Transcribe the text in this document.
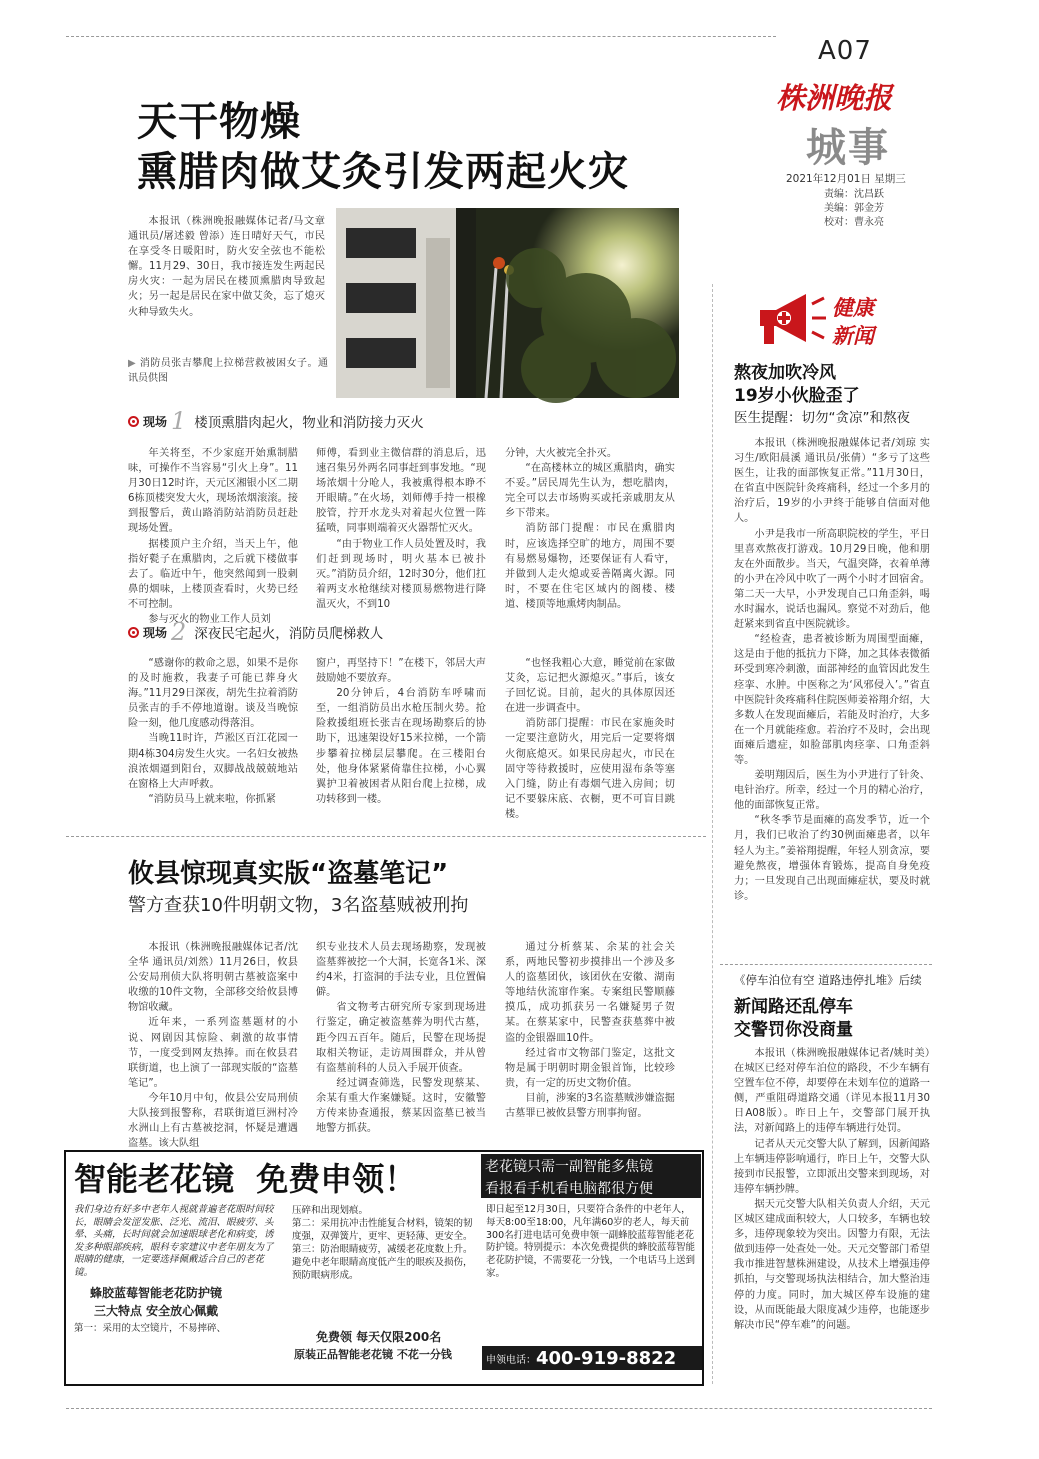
A07
株洲晚报
城事
2021年12月01日 星期三
责编：沈昌跃
美编：郭金芳
校对：曹永亮
天干物燥
熏腊肉做艾灸引发两起火灾

本报讯（株洲晚报融媒体记者/马文章 通讯员/屠述毅 曾添）连日晴好天气，市民在享受冬日暖阳时，防火安全弦也不能松懈。11月29、30日，我市接连发生两起民房火灾：一起为居民在楼顶熏腊肉导致起火；另一起是居民在家中做艾灸，忘了熄灭火种导致失火。

▶ 消防员张吉攀爬上拉梯营救被困女子。通讯员供图
现场 1 楼顶熏腊肉起火，物业和消防接力灭火

年关将至，不少家庭开始熏制腊味，可操作不当容易“引火上身”。11月30日12时许，天元区湘银小区二期6栋顶楼突发大火，现场浓烟滚滚。接到报警后，黄山路消防站消防员赶赴现场处置。

据楼顶户主介绍，当天上午，他指好甏子在熏腊肉，之后就下楼做事去了。临近中午，他突然闻到一股刺鼻的烟味，上楼顶查看时，火势已经不可控制。

参与灭火的物业工作人员刘

师傅，看到业主微信群的消息后，迅速召集另外两名同事赶到事发地。“现场浓烟十分呛人，我被熏得根本睁不开眼睛。”在火场，刘师傅手持一根橡胶管，拧开水龙头对着起火位置一阵猛喷，同事则端着灭火器帮忙灭火。

“由于物业工作人员处置及时，我们赶到现场时，明火基本已被扑灭。”消防员介绍，12时30分，他们扛着两支水枪继续对楼顶易燃物进行降温灭火，不到10

分钟，大火被完全扑灭。

“在高楼林立的城区熏腊肉，确实不妥。”居民周先生认为，想吃腊肉，完全可以去市场购买或托亲戚朋友从乡下带来。

消防部门提醒：市民在熏腊肉时，应该选择空旷的地方，周围不要有易燃易爆物，还要保证有人看守，并做到人走火熄或妥善隔离火源。同时，不要在住宅区域内的阁楼、楼道、楼顶等地熏烤肉制品。

现场 2 深夜民宅起火，消防员爬梯救人

“感谢你的救命之恩，如果不是你的及时施救，我妻子可能已葬身火海。”11月29日深夜，胡先生拉着消防员张吉的手不停地道谢。谈及当晚惊险一刻，他几度感动得落泪。

当晚11时许，芦淞区百江花园一期4栋304房发生火灾。一名妇女被热浪浓烟逼到阳台，双脚战战兢兢地站在窗格上大声呼救。

“消防员马上就来啦，你抓紧

窗户，再坚持下！”在楼下，邻居大声鼓励她不要放弃。

20分钟后，4台消防车呼啸而至，一组消防员出水枪压制火势。抢险救援组班长张吉在现场勘察后的协助下，迅速架设好15米拉梯，一个箭步攀着拉梯层层攀爬。在三楼阳台处，他身体紧紧倚靠住拉梯，小心翼翼护卫着被困者从阳台爬上拉梯，成功转移到一楼。

“也怪我粗心大意，睡觉前在家做艾灸，忘记把火源熄灭。”事后，该女子回忆说。目前，起火的具体原因还在进一步调查中。

消防部门提醒：市民在家施灸时一定要注意防火，用完后一定要将烟火彻底熄灭。如果民房起火，市民在固守等待救援时，应使用湿布条等塞入门缝，防止有毒烟气进入房间；切记不要躲床底、衣橱，更不可盲目跳楼。

攸县惊现真实版“盗墓笔记”
警方查获10件明朝文物，3名盗墓贼被刑拘

本报讯（株洲晚报融媒体记者/沈全华 通讯员/刘然）11月26日，攸县公安局刑侦大队将明朝古墓被盗案中收缴的10件文物，全部移交给攸县博物馆收藏。

近年来，一系列盗墓题材的小说、网剧因其惊险、刺激的故事情节，一度受到网友热捧。而在攸县君联街道，也上演了一部现实版的“盗墓笔记”。

今年10月中旬，攸县公安局刑侦大队接到报警称，君联街道巨洲村冷水洲山上有古墓被挖洞，怀疑是遭遇盗墓。该大队组

织专业技术人员去现场勘察，发现被盗墓葬被挖一个大洞，长宽各1米、深约4米，打盗洞的手法专业，且位置偏僻。

省文物考古研究所专家到现场进行鉴定，确定被盗墓葬为明代古墓，距今四五百年。随后，民警在现场提取相关物证，走访周围群众，并从曾有盗墓前科的人员入手展开侦查。

经过调查筛选，民警发现蔡某、余某有重大作案嫌疑。这时，安徽警方传来协查通报，蔡某因盗墓已被当地警方抓获。

通过分析蔡某、余某的社会关系，两地民警初步摸排出一个涉及多人的盗墓团伙，该团伙在安徽、湖南等地结伙流窜作案。专案组民警顺藤摸瓜，成功抓获另一名嫌疑男子贺某。在蔡某家中，民警查获墓葬中被盗的金银器皿10件。

经过省市文物部门鉴定，这批文物是属于明朝时期金银首饰，比较珍贵，有一定的历史文物价值。

目前，涉案的3名盗墓贼涉嫌盗掘古墓罪已被攸县警方刑事拘留。

智能老花镜  免费申领！	老花镜只需一副智能多焦镜
看报看手机看电脑都很方便
我们身边有好多中老年人视就普遍老花眼时间较长，眼睛会发涩发胀、泛光、流泪、眼疲劳、头晕、头痛，长时间就会加速眼球老化和病变，诱发多种眼部疾病，眼科专家建议中老年朋友为了眼睛的健康，一定要选择佩戴适合自己的老花镜。
蜂胶蓝莓智能老花防护镜
三大特点 安全放心佩戴
第一：采用的太空镜片，不易摔碎、
压碎和出现划痕。
第二：采用抗冲击性能复合材料，镜架的韧度强，双弹簧片，更牢、更轻薄、更安全。
第三：防治眼睛疲劳，减缓老花度数上升。避免中老年眼睛高度低产生的眼疾及损伤，预防眼病形成。
免费领 每天仅限200名
原装正品智能老花镜 不花一分钱
即日起至12月30日，只要符合条件的中老年人，每天8:00至18:00，凡年满60岁的老人，每天前300名打进电话可免费申领一副蜂胶蓝莓智能老花防护镜。特别提示：本次免费提供的蜂胶蓝莓智能老花防护镜，不需要花一分钱，一个电话马上送到家。
申领电话： 400-919-8822
健康
新闻
熬夜加吹冷风
19岁小伙脸歪了
医生提醒：切勿“贪凉”和熬夜

本报讯（株洲晚报融媒体记者/刘琼 实习生/欧阳晨溪 通讯员/张倩）“多亏了这些医生，让我的面部恢复正常。”11月30日，在省直中医院针灸疼痛科，经过一个多月的治疗后，19岁的小尹终于能够自信面对他人。

小尹是我市一所高职院校的学生，平日里喜欢熬夜打游戏。10月29日晚，他和朋友在外面散步。当天，气温突降，衣着单薄的小尹在冷风中吹了一两个小时才回宿舍。第二天一大早，小尹发现自己口角歪斜，喝水时漏水，说话也漏风。察觉不对劲后，他赶紧来到省直中医院就诊。

“经检查，患者被诊断为周围型面瘫，这是由于他的抵抗力下降，加之其体表微循环受到寒冷刺激，面部神经的血管因此发生痉挛、水肿。中医称之为‘风邪侵入’。”省直中医院针灸疼痛科住院医师姜裕翔介绍，大多数人在发现面瘫后，若能及时治疗，大多在一个月就能痊愈。若治疗不及时，会出现面瘫后遗症，如脸部肌肉痉挛、口角歪斜等。

姜明翔因后，医生为小尹进行了针灸、电针治疗。所幸，经过一个月的精心治疗，他的面部恢复正常。

“秋冬季节是面瘫的高发季节，近一个月，我们已收治了约30例面瘫患者，以年轻人为主。”姜裕翔提醒，年轻人别贪凉，要避免熬夜，增强体育锻炼，提高自身免疫力；一旦发现自己出现面瘫症状，要及时就诊。

《停车泊位有空 道路违停扎堆》后续
新闻路还乱停车
交警罚你没商量

本报讯（株洲晚报融媒体记者/姚时美）在城区已经对停车泊位的路段，不少车辆有空置车位不停，却要停在未划车位的道路一侧，严重阻碍道路交通（详见本报11月30日A08版）。昨日上午，交警部门展开执法，对新闻路上的违停车辆进行处罚。

记者从天元交警大队了解到，因新闻路上车辆违停影响通行，昨日上午，交警大队接到市民报警，立即派出交警来到现场，对违停车辆抄牌。

据天元交警大队相关负责人介绍，天元区城区建成面积较大，人口较多，车辆也较多，违停现象较为突出。因警力有限，无法做到违停一处查处一处。天元交警部门希望我市推进智慧株洲建设，从技术上增强违停抓拍，与交警现场执法相结合，加大整治违停的力度。同时，加大城区停车设施的建设，从而既能最大限度减少违停，也能逐步解决市民“停车难”的问题。
